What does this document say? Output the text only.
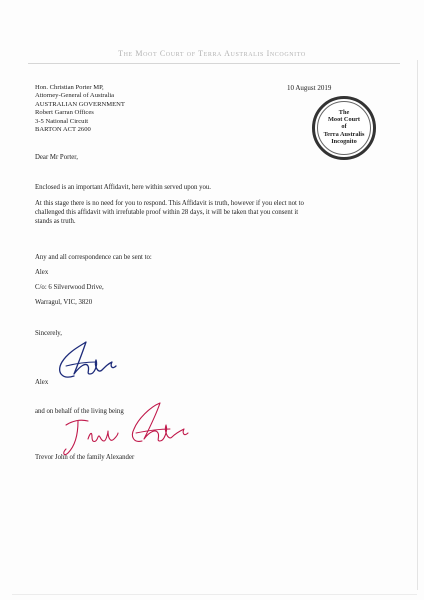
The Moot Court of Terra Australis Incognito
10 August 2019
Hon. Christian Porter MP,
Attorney-General of Australia
AUSTRALIAN GOVERNMENT
Robert Garran Offices
3-5 National Circuit
BARTON ACT 2600
The
Moot Court
of
Terra Australis
Incognito
Dear Mr Porter,
Enclosed is an important Affidavit, here within served upon you.
At this stage there is no need for you to respond. This Affidavit is truth, however if you elect not to
challenged this affidavit with irrefutable proof within 28 days, it will be taken that you consent it
stands as truth.
Any and all correspondence can be sent to:
Alex
C/o: 6 Silverwood Drive,
Warragul, VIC, 3820
Sincerely,
Alex
and on behalf of the living being
Trevor John of the family Alexander
